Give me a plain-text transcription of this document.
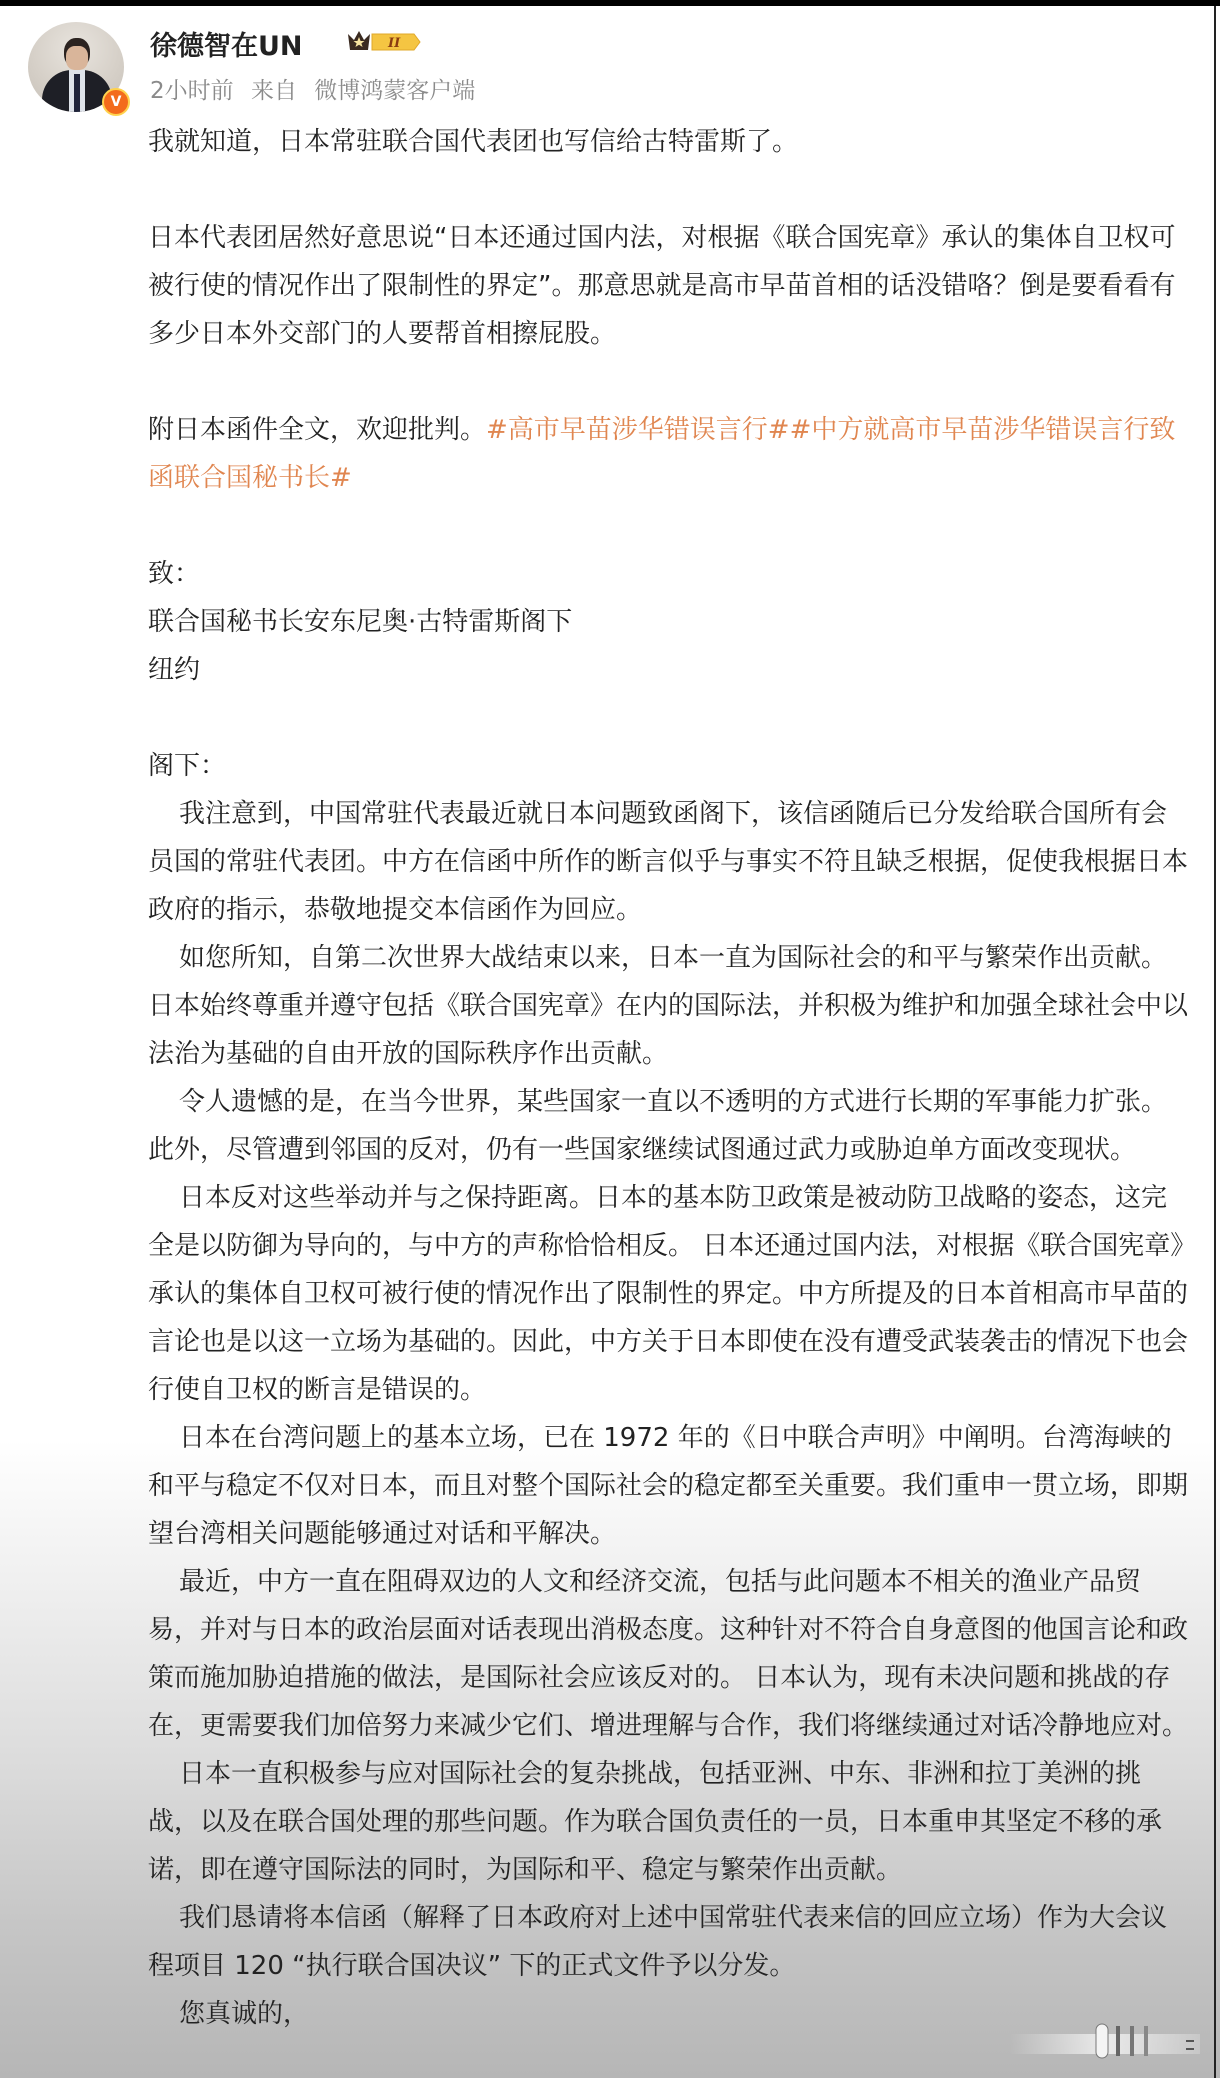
V
徐德智在UN	II
2小时前 来自 微博鸿蒙客户端

我就知道，日本常驻联合国代表团也写信给古特雷斯了。

日本代表团居然好意思说“日本还通过国内法，对根据《联合国宪章》承认的集体自卫权可被行使的情况作出了限制性的界定”。那意思就是高市早苗首相的话没错咯？倒是要看看有多少日本外交部门的人要帮首相擦屁股。

附日本函件全文，欢迎批判。#高市早苗涉华错误言行##中方就高市早苗涉华错误言行致函联合国秘书长#

致：

联合国秘书长安东尼奥·古特雷斯阁下

纽约

阁下：

我注意到，中国常驻代表最近就日本问题致函阁下，该信函随后已分发给联合国所有会员国的常驻代表团。中方在信函中所作的断言似乎与事实不符且缺乏根据，促使我根据日本政府的指示，恭敬地提交本信函作为回应。

如您所知，自第二次世界大战结束以来，日本一直为国际社会的和平与繁荣作出贡献。 日本始终尊重并遵守包括《联合国宪章》在内的国际法，并积极为维护和加强全球社会中以法治为基础的自由开放的国际秩序作出贡献。

令人遗憾的是，在当今世界，某些国家一直以不透明的方式进行长期的军事能力扩张。此外，尽管遭到邻国的反对，仍有一些国家继续试图通过武力或胁迫单方面改变现状。

日本反对这些举动并与之保持距离。日本的基本防卫政策是被动防卫战略的姿态，这完全是以防御为导向的，与中方的声称恰恰相反。 日本还通过国内法，对根据《联合国宪章》承认的集体自卫权可被行使的情况作出了限制性的界定。中方所提及的日本首相高市早苗的言论也是以这一立场为基础的。因此，中方关于日本即使在没有遭受武装袭击的情况下也会行使自卫权的断言是错误的。

日本在台湾问题上的基本立场，已在 1972 年的《日中联合声明》中阐明。台湾海峡的和平与稳定不仅对日本，而且对整个国际社会的稳定都至关重要。我们重申一贯立场，即期望台湾相关问题能够通过对话和平解决。

最近，中方一直在阻碍双边的人文和经济交流，包括与此问题本不相关的渔业产品贸易，并对与日本的政治层面对话表现出消极态度。这种针对不符合自身意图的他国言论和政策而施加胁迫措施的做法，是国际社会应该反对的。 日本认为，现有未决问题和挑战的存在，更需要我们加倍努力来减少它们、增进理解与合作，我们将继续通过对话冷静地应对。

日本一直积极参与应对国际社会的复杂挑战，包括亚洲、中东、非洲和拉丁美洲的挑战，以及在联合国处理的那些问题。作为联合国负责任的一员，日本重申其坚定不移的承诺，即在遵守国际法的同时，为国际和平、稳定与繁荣作出贡献。

我们恳请将本信函（解释了日本政府对上述中国常驻代表来信的回应立场）作为大会议程项目 120 “执行联合国决议” 下的正式文件予以分发。

您真诚的，
